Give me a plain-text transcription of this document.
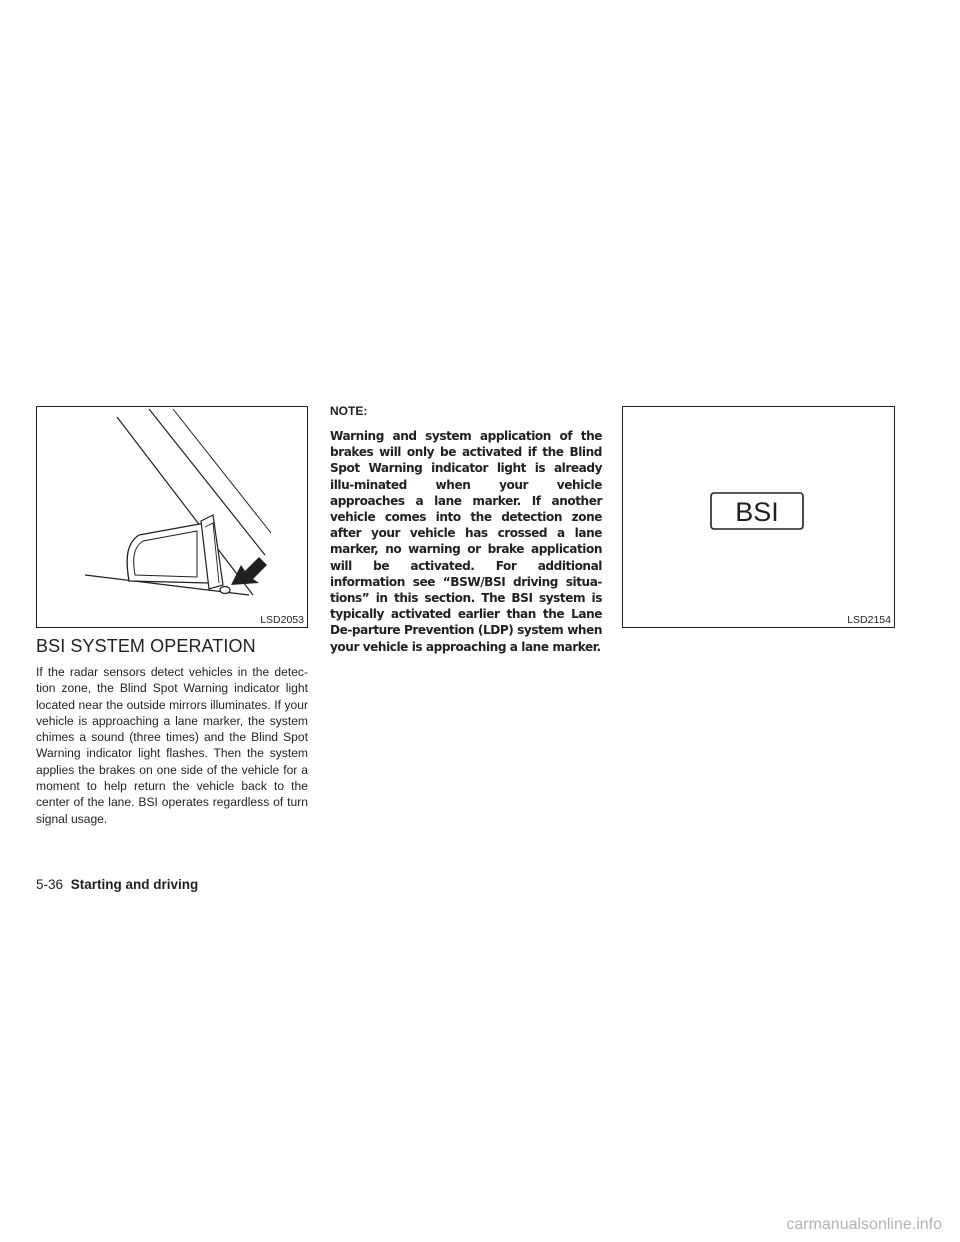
LSD2053
BSI SYSTEM OPERATION

If the radar sensors detect vehicles in the detec-tion zone, the Blind Spot Warning indicator light located near the outside mirrors illuminates. If your vehicle is approaching a lane marker, the system chimes a sound (three times) and the Blind Spot Warning indicator light flashes. Then the system applies the brakes on one side of the vehicle for a moment to help return the vehicle back to the center of the lane. BSI operates regardless of turn signal usage.

NOTE:

Warning and system application of the brakes will only be activated if the Blind Spot Warning indicator light is already illu-minated when your vehicle approaches a lane marker. If another vehicle comes into the detection zone after your vehicle has crossed a lane marker, no warning or brake application will be activated. For additional information see “BSW/BSI driving situa-tions” in this section. The BSI system is typically activated earlier than the Lane De-parture Prevention (LDP) system when your vehicle is approaching a lane marker.

BSI
LSD2154
5-36 Starting and driving
carmanualsonline.info
